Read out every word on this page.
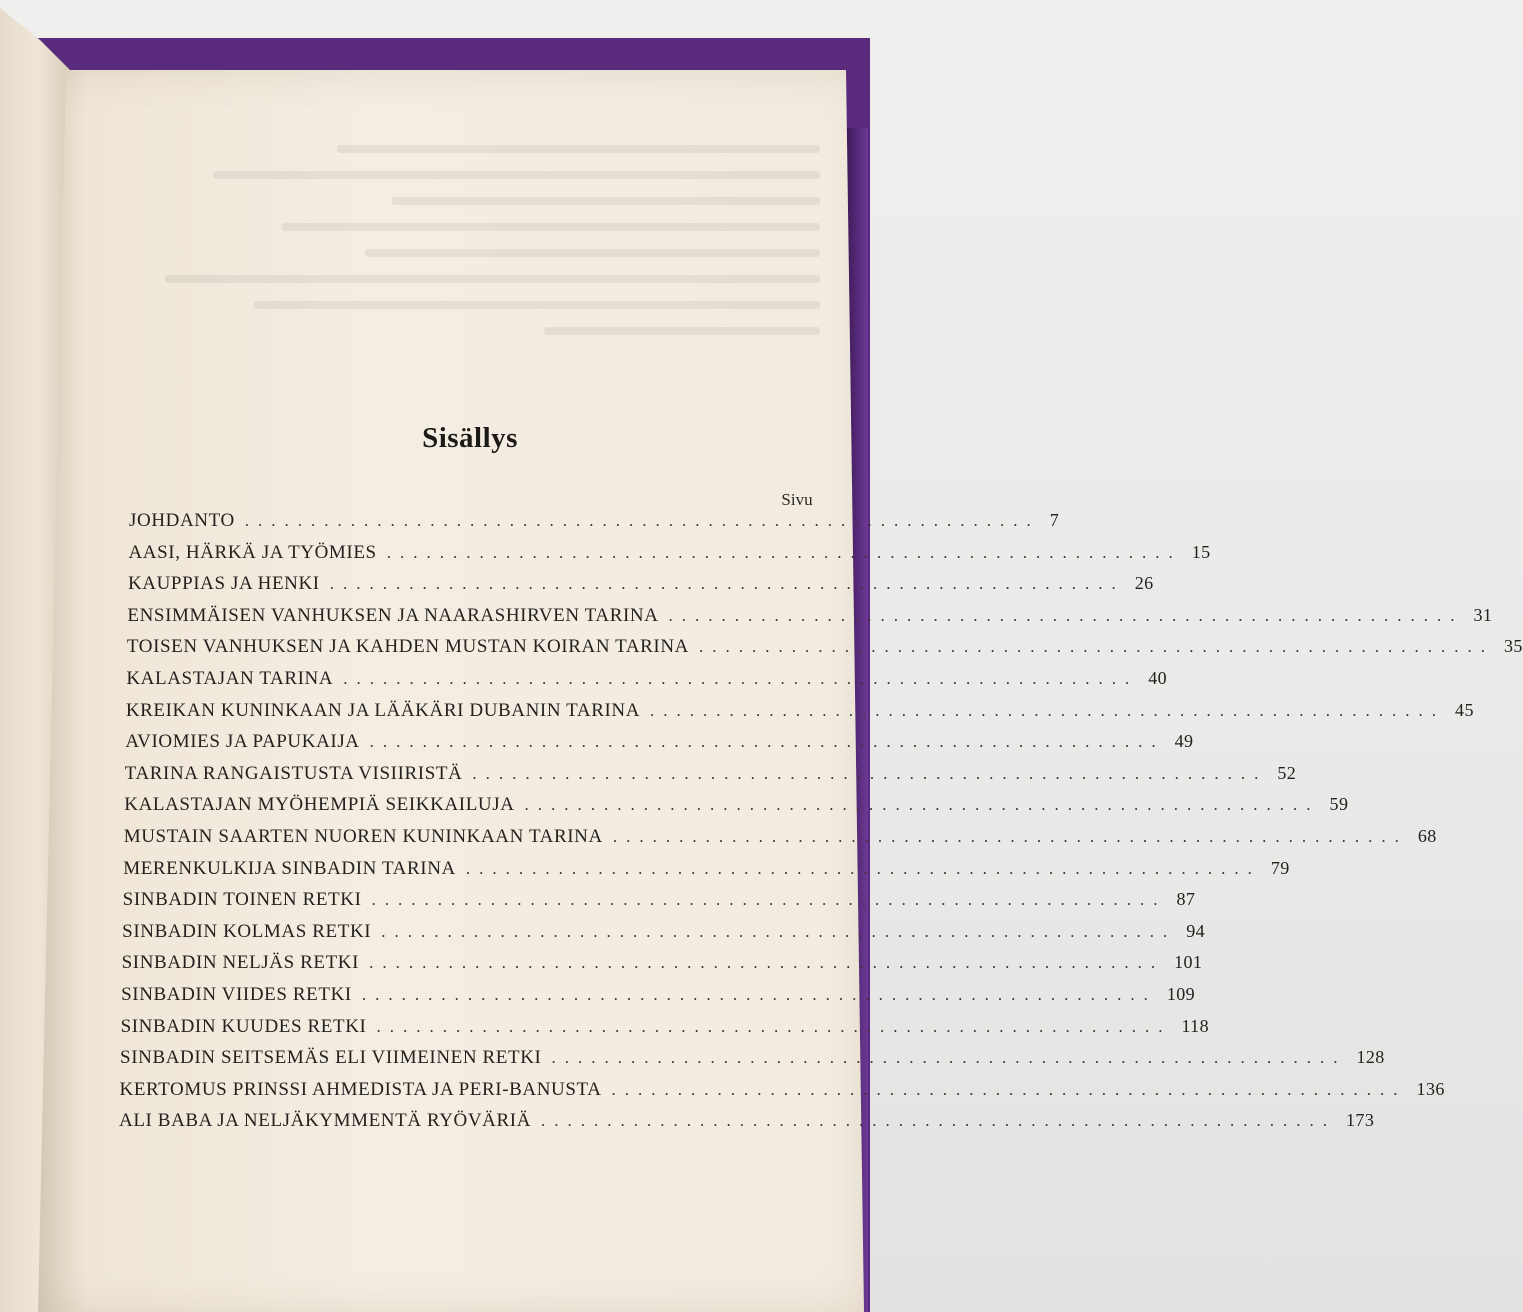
Sisällys
Sivu
JOHDANTO ............................................................ 7
AASI, HÄRKÄ JA TYÖMIES ............................................................ 15
KAUPPIAS JA HENKI ............................................................ 26
ENSIMMÄISEN VANHUKSEN JA NAARASHIRVEN TARINA ............................................................ 31
TOISEN VANHUKSEN JA KAHDEN MUSTAN KOIRAN TARINA ............................................................ 35
KALASTAJAN TARINA ............................................................ 40
KREIKAN KUNINKAAN JA LÄÄKÄRI DUBANIN TARINA ............................................................ 45
AVIOMIES JA PAPUKAIJA ............................................................ 49
TARINA RANGAISTUSTA VISIIRISTÄ ............................................................ 52
KALASTAJAN MYÖHEMPIÄ SEIKKAILUJA ............................................................ 59
MUSTAIN SAARTEN NUOREN KUNINKAAN TARINA ............................................................ 68
MERENKULKIJA SINBADIN TARINA ............................................................ 79
SINBADIN TOINEN RETKI ............................................................ 87
SINBADIN KOLMAS RETKI ............................................................ 94
SINBADIN NELJÄS RETKI ............................................................ 101
SINBADIN VIIDES RETKI ............................................................ 109
SINBADIN KUUDES RETKI ............................................................ 118
SINBADIN SEITSEMÄS ELI VIIMEINEN RETKI ............................................................ 128
KERTOMUS PRINSSI AHMEDISTA JA PERI-BANUSTA ............................................................ 136
ALI BABA JA NELJÄKYMMENTÄ RYÖVÄRIÄ ............................................................ 173
